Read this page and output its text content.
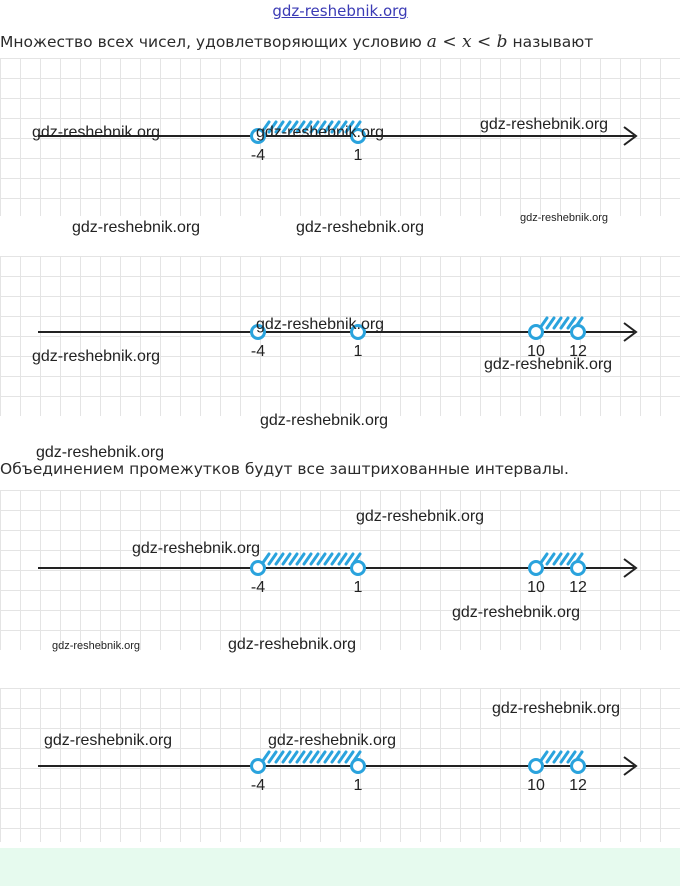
gdz-reshebnik.org
Множество всех чисел, удовлетворяющих условию a < x < b называют
-4	1
-4	1	10 12
Объединением промежутков будут все заштрихованные интервалы.
-4	1	10 12
-4	1	10 12
gdz-reshebnik.org	gdz-reshebnik.org	gdz-reshebnik.org
gdz-reshebnik.org	gdz-reshebnik.org
gdz-reshebnik.org
gdz-reshebnik.org
gdz-reshebnik.org	gdz-reshebnik.org
gdz-reshebnik.org
gdz-reshebnik.org
gdz-reshebnik.org
gdz-reshebnik.org
gdz-reshebnik.org
gdz-reshebnik.org	gdz-reshebnik.org
gdz-reshebnik.org
gdz-reshebnik.org	gdz-reshebnik.org
